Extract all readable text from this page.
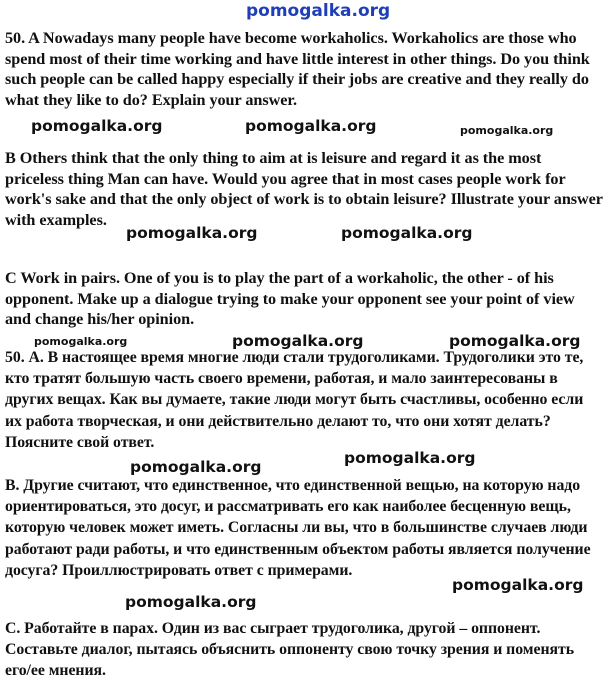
pomogalka.org

50. A Nowadays many people have become workaholics. Workaholics are those who spend most of their time working and have little interest in other things. Do you think such people can be called happy especially if their jobs are creative and they really do what they like to do? Explain your answer.

pomogalka.org	pomogalka.org	pomogalka.org

B Others think that the only thing to aim at is leisure and regard it as the most priceless thing Man can have. Would you agree that in most cases people work for work's sake and that the only object of work is to obtain leisure? Illustrate your answer with examples.

pomogalka.org	pomogalka.org

C Work in pairs. One of you is to play the part of a workaholic, the other - of his opponent. Make up a dialogue trying to make your opponent see your point of view and change his/her opinion.

pomogalka.org	pomogalka.org	pomogalka.org

50. А. В настоящее время многие люди стали трудоголиками. Трудоголики это те, кто тратят большую часть своего времени, работая, и мало заинтересованы в других вещах. Как вы думаете, такие люди могут быть счастливы, особенно если их работа творческая, и они действительно делают то, что они хотят делать? Поясните свой ответ.

pomogalka.org
pomogalka.org

В. Другие считают, что единственное, что единственной вещью, на которую надо ориентироваться, это досуг, и рассматривать его как наиболее бесценную вещь, которую человек может иметь. Согласны ли вы, что в большинстве случаев люди работают ради работы, и что единственным объектом работы является получение досуга? Проиллюстрировать ответ с примерами.

pomogalka.org
pomogalka.org

С. Работайте в парах. Один из вас сыграет трудоголика, другой – оппонент. Составьте диалог, пытаясь объяснить оппоненту свою точку зрения и поменять его/ее мнения.
